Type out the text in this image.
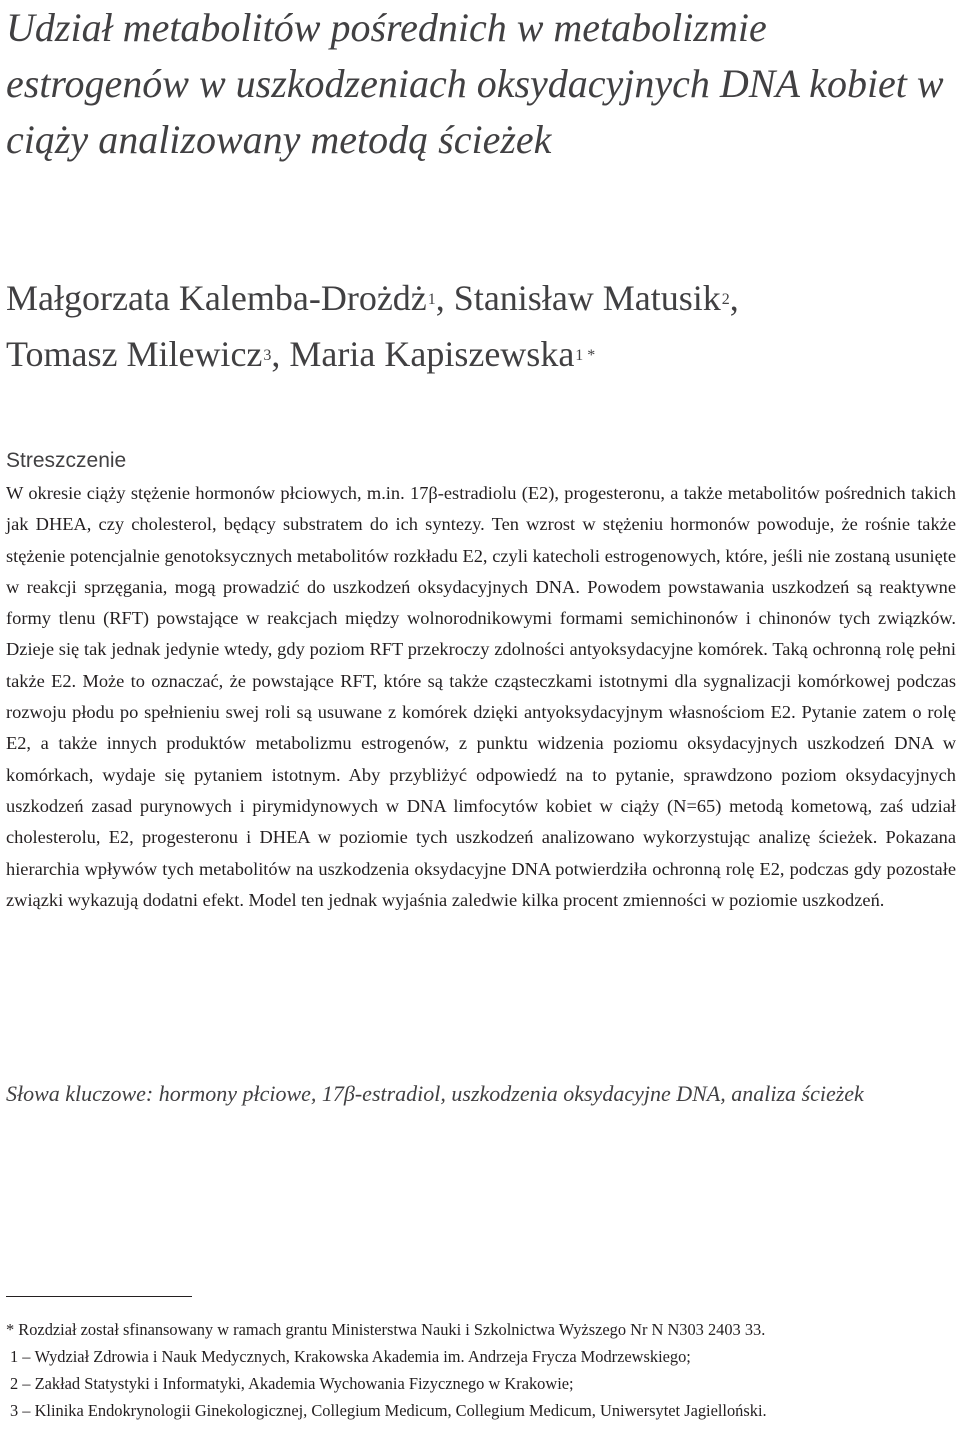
Udział metabolitów pośrednich w metabolizmie estrogenów w uszkodzeniach oksydacyjnych DNA kobiet w ciąży analizowany metodą ścieżek
Małgorzata Kalemba-Drożdż$^1$, Stanisław Matusik$^2$,
Tomasz Milewicz$^3$, Maria Kapiszewska$^{1 *}$
Streszczenie

W okresie ciąży stężenie hormonów płciowych, m.in. 17β-estradiolu (E2), progesteronu, a także metabolitów pośrednich takich jak DHEA, czy cholesterol, będący substratem do ich syntezy. Ten wzrost w stężeniu hormonów powoduje, że rośnie także stężenie potencjalnie genotoksycznych metabolitów rozkładu E2, czyli katecholi estrogenowych, które, jeśli nie zostaną usunięte w reakcji sprzęgania, mogą prowadzić do uszkodzeń oksydacyjnych DNA. Powodem powstawania uszkodzeń są reaktywne formy tlenu (RFT) powstające w reakcjach między wolnorodnikowymi formami semichinonów i chinonów tych związków. Dzieje się tak jednak jedynie wtedy, gdy poziom RFT przekroczy zdolności antyoksydacyjne komórek. Taką ochronną rolę pełni także E2. Może to oznaczać, że powstające RFT, które są także cząsteczkami istotnymi dla sygnalizacji komórkowej podczas rozwoju płodu po spełnieniu swej roli są usuwane z komórek dzięki antyoksydacyjnym własnościom E2. Pytanie zatem o rolę E2, a także innych produktów metabolizmu estrogenów, z punktu widzenia poziomu oksydacyjnych uszkodzeń DNA w komórkach, wydaje się pytaniem istotnym. Aby przybliżyć odpowiedź na to pytanie, sprawdzono poziom oksydacyjnych uszkodzeń zasad purynowych i pirymidynowych w DNA limfocytów kobiet w ciąży (N=65) metodą kometową, zaś udział cholesterolu, E2, progesteronu i DHEA w poziomie tych uszkodzeń analizowano wykorzystując analizę ścieżek. Pokazana hierarchia wpływów tych metabolitów na uszkodzenia oksydacyjne DNA potwierdziła ochronną rolę E2, podczas gdy pozostałe związki wykazują dodatni efekt. Model ten jednak wyjaśnia zaledwie kilka procent zmienności w poziomie uszkodzeń.

Słowa kluczowe: hormony płciowe, 17β-estradiol, uszkodzenia oksydacyjne DNA, analiza ścieżek
* Rozdział został sfinansowany w ramach grantu Ministerstwa Nauki i Szkolnictwa Wyższego Nr N N303 2403 33.
1 – Wydział Zdrowia i Nauk Medycznych, Krakowska Akademia im. Andrzeja Frycza Modrzewskiego;
2 – Zakład Statystyki i Informatyki, Akademia Wychowania Fizycznego w Krakowie;
3 – Klinika Endokrynologii Ginekologicznej, Collegium Medicum, Collegium Medicum, Uniwersytet Jagielloński.
